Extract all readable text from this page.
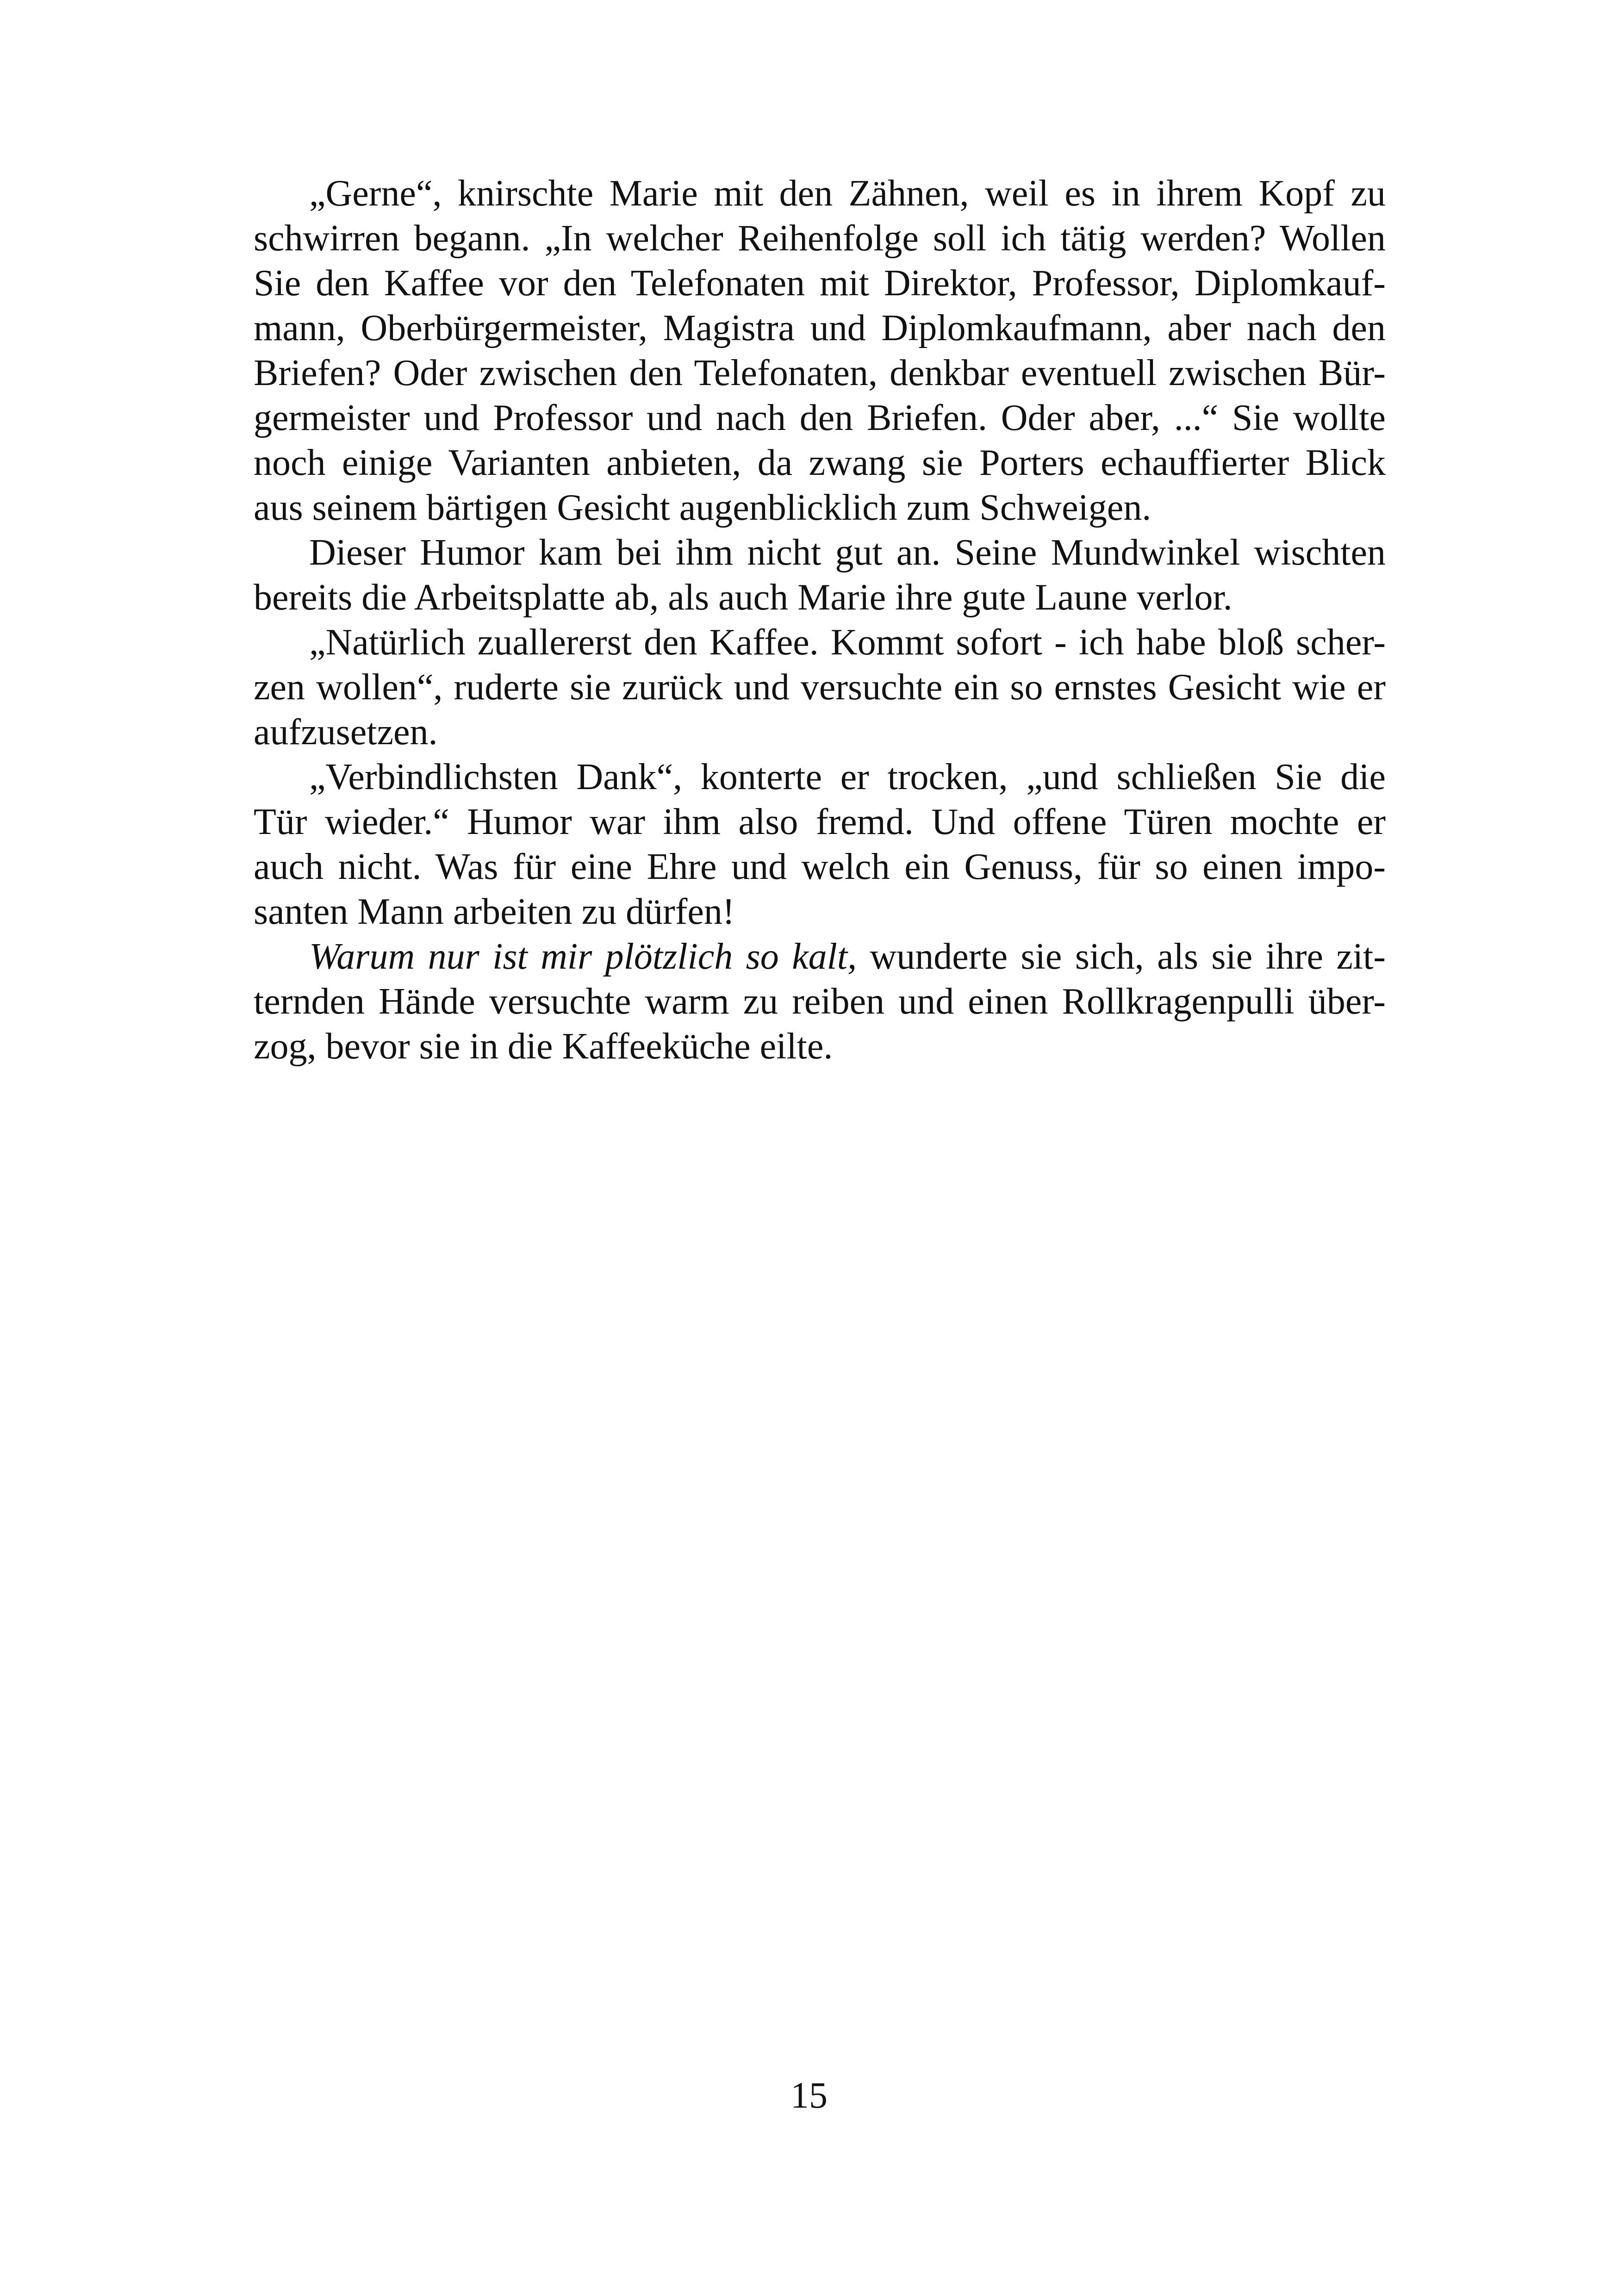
„Gerne“, knirschte Marie mit den Zähnen, weil es in ihrem Kopf zu
schwirren begann. „In welcher Reihenfolge soll ich tätig werden? Wollen
Sie den Kaffee vor den Telefonaten mit Direktor, Professor, Diplomkauf-
mann, Oberbürgermeister, Magistra und Diplomkaufmann, aber nach den
Briefen? Oder zwischen den Telefonaten, denkbar eventuell zwischen Bür-
germeister und Professor und nach den Briefen. Oder aber, ...“ Sie wollte
noch einige Varianten anbieten, da zwang sie Porters echauffierter Blick
aus seinem bärtigen Gesicht augenblicklich zum Schweigen.
Dieser Humor kam bei ihm nicht gut an. Seine Mundwinkel wischten
bereits die Arbeitsplatte ab, als auch Marie ihre gute Laune verlor.
„Natürlich zuallererst den Kaffee. Kommt sofort - ich habe bloß scher-
zen wollen“, ruderte sie zurück und versuchte ein so ernstes Gesicht wie er
aufzusetzen.
„Verbindlichsten Dank“, konterte er trocken, „und schließen Sie die
Tür wieder.“ Humor war ihm also fremd. Und offene Türen mochte er
auch nicht. Was für eine Ehre und welch ein Genuss, für so einen impo-
santen Mann arbeiten zu dürfen!
Warum nur ist mir plötzlich so kalt, wunderte sie sich, als sie ihre zit-
ternden Hände versuchte warm zu reiben und einen Rollkragenpulli über-
zog, bevor sie in die Kaffeeküche eilte.
15
